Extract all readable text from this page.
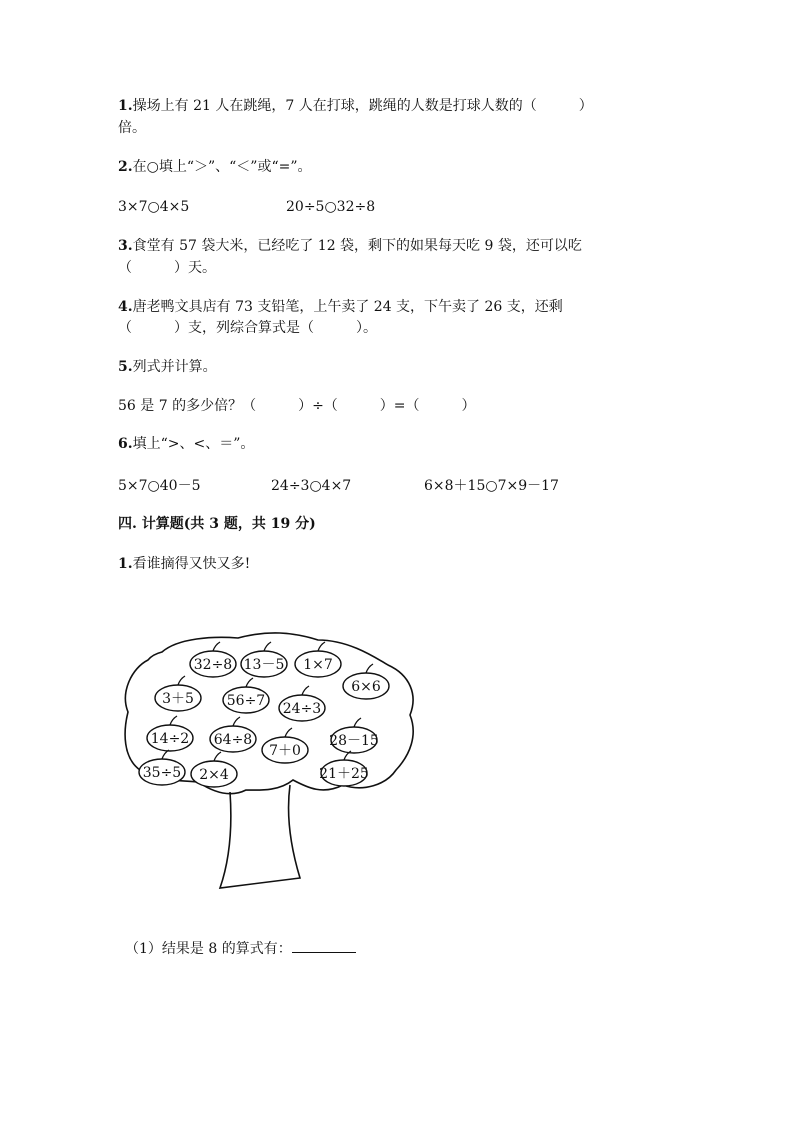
1.操场上有 21 人在跳绳，7 人在打球，跳绳的人数是打球人数的（　　　）
倍。
2.在○填上“＞”、“＜”或“=”。
3×7○4×5	20÷5○32÷8
3.食堂有 57 袋大米，已经吃了 12 袋，剩下的如果每天吃 9 袋，还可以吃
（　　　）天。
4.唐老鸭文具店有 73 支铅笔，上午卖了 24 支，下午卖了 26 支，还剩
（　　　）支，列综合算式是（　　　）。
5.列式并计算。
56 是 7 的多少倍？（　　　）÷（　　　）=（　　　）
6.填上“>、<、＝”。
5×7○40－5	24÷3○4×7	6×8＋15○7×9－17
四. 计算题(共 3 题，共 19 分)
1.看谁摘得又快又多!
32÷8 13－5 1×7
3＋5 56÷7 24÷3
6×6
14÷2 64÷8
7＋0
28－15
35÷5 2×4	21＋25
（1）结果是 8 的算式有：
